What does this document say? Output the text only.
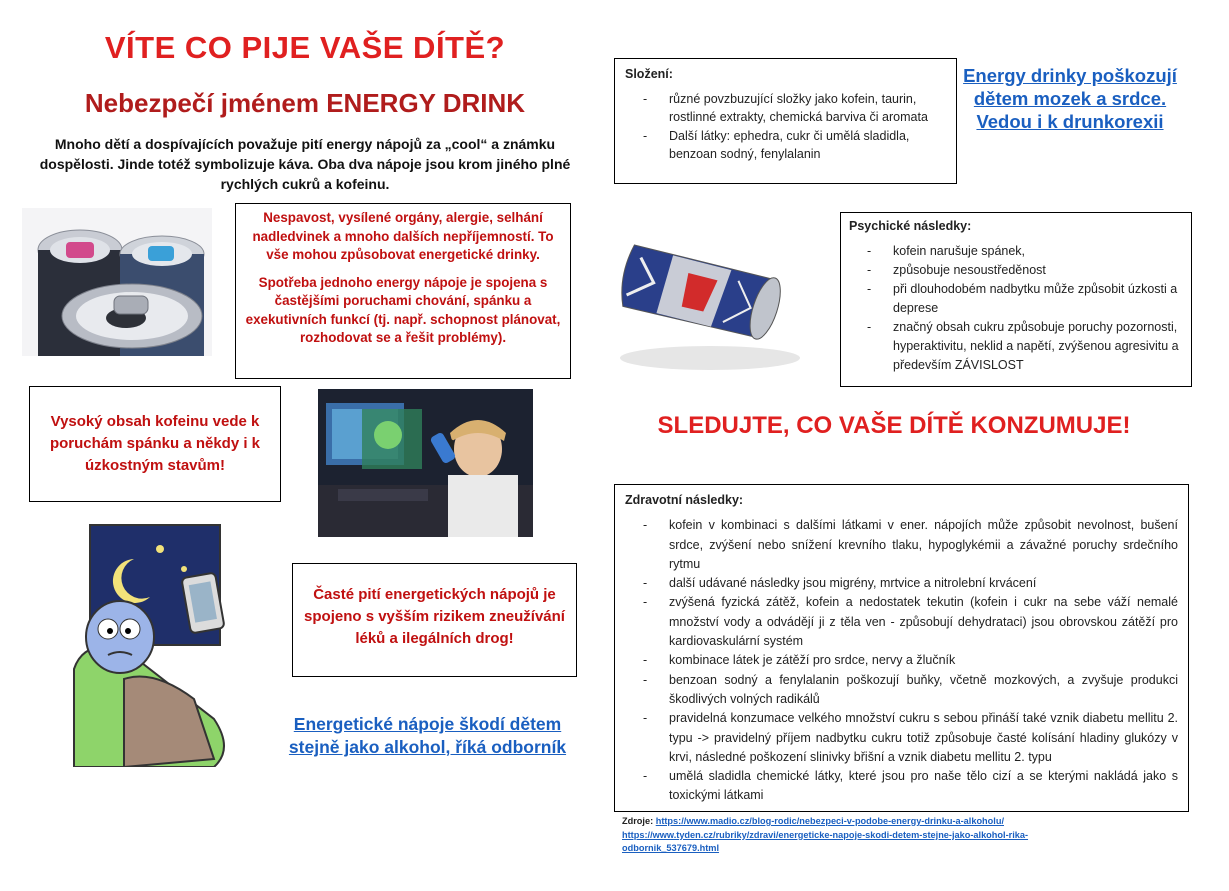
VÍTE CO PIJE VAŠE DÍTĚ?
Nebezpečí jménem ENERGY DRINK
Mnoho dětí a dospívajících považuje pití energy nápojů za „cool“ a známku dospělosti. Jinde totéž symbolizuje káva. Oba dva nápoje jsou krom jiného plné rychlých cukrů a kofeinu.

Nespavost, vysílené orgány, alergie, selhání nadledvinek a mnoho dalších nepříjemností. To vše mohou způsobovat energetické drinky.

Spotřeba jednoho energy nápoje je spojena s častějšími poruchami chování, spánku a exekutivních funkcí (tj. např. schopnost plánovat, rozhodovat se a řešit problémy).

Vysoký obsah kofeinu vede k poruchám spánku a někdy i k úzkostným stavům!
Časté pití energetických nápojů je spojeno s vyšším rizikem zneužívání léků a ilegálních drog!
Energetické nápoje škodí dětem stejně jako alkohol, říká odborník
Složení:
- různé povzbuzující složky jako kofein, taurin, rostlinné extrakty, chemická barviva či aromata
- Další látky: ephedra, cukr či umělá sladidla, benzoan sodný, fenylalanin
Energy drinky poškozují dětem mozek a srdce. Vedou i k drunkorexii
Psychické následky:
- kofein narušuje spánek,
- způsobuje nesoustředěnost
- při dlouhodobém nadbytku může způsobit úzkosti a deprese
- značný obsah cukru způsobuje poruchy pozornosti, hyperaktivitu, neklid a napětí, zvýšenou agresivitu a především ZÁVISLOST
SLEDUJTE, CO VAŠE DÍTĚ KONZUMUJE!
Zdravotní následky:
- kofein v kombinaci s dalšími látkami v ener. nápojích může způsobit nevolnost, bušení srdce, zvýšení nebo snížení krevního tlaku, hypoglykémii a závažné poruchy srdečního rytmu
- další udávané následky jsou migrény, mrtvice a nitrolební krvácení
- zvýšená fyzická zátěž, kofein a nedostatek tekutin (kofein i cukr na sebe váží nemalé množství vody a odvádějí ji z těla ven - způsobují dehydrataci) jsou obrovskou zátěží pro kardiovaskulární systém
- kombinace látek je zátěží pro srdce, nervy a žlučník
- benzoan sodný a fenylalanin poškozují buňky, včetně mozkových, a zvyšuje produkci škodlivých volných radikálů
- pravidelná konzumace velkého množství cukru s sebou přináší také vznik diabetu mellitu 2. typu -> pravidelný příjem nadbytku cukru totiž způsobuje časté kolísání hladiny glukózy v krvi, následné poškození slinivky břišní a vznik diabetu mellitu 2. typu
- umělá sladidla chemické látky, které jsou pro naše tělo cizí a se kterými nakládá jako s toxickými látkami
Zdroje: https://www.madio.cz/blog-rodic/nebezpeci-v-podobe-energy-drinku-a-alkoholu/
https://www.tyden.cz/rubriky/zdravi/energeticke-napoje-skodi-detem-stejne-jako-alkohol-rika-odbornik_537679.html
